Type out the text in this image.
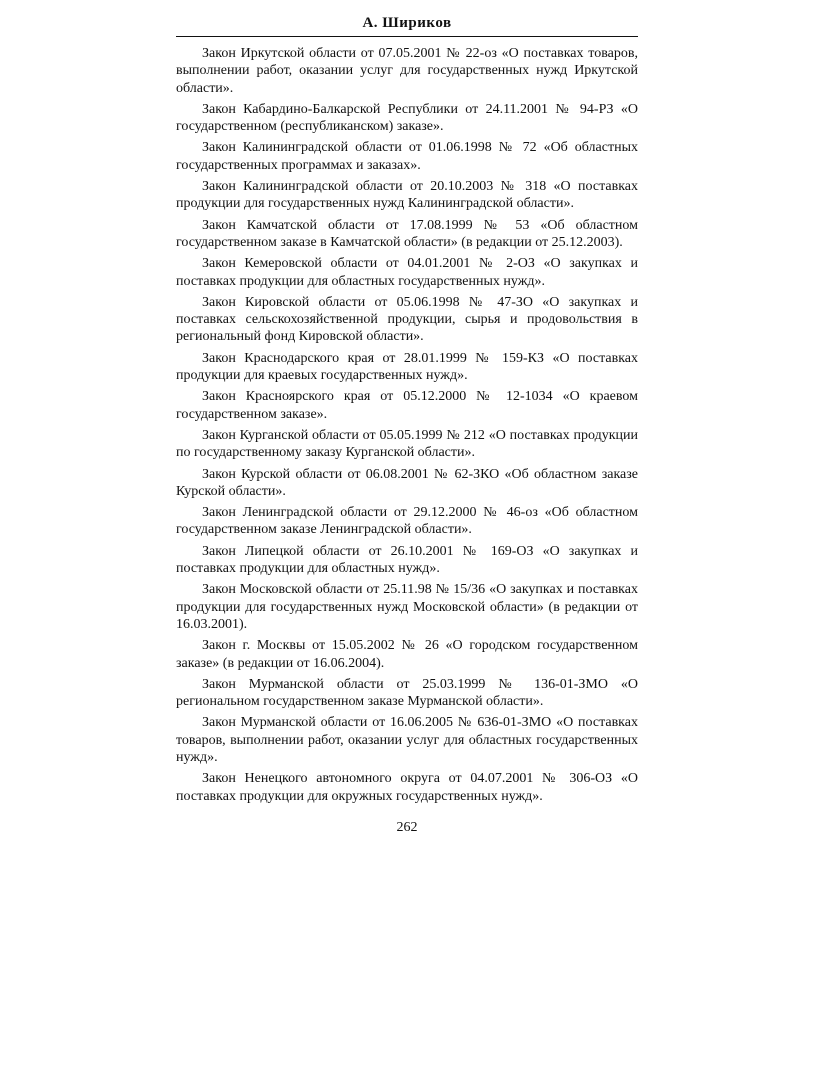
А. Шириков

Закон Иркутской области от 07.05.2001 № 22-оз «О поставках товаров, выполнении работ, оказании услуг для государственных нужд Иркутской области».

Закон Кабардино-Балкарской Республики от 24.11.2001 № 94-РЗ «О государственном (республиканском) заказе».

Закон Калининградской области от 01.06.1998 № 72 «Об областных государственных программах и заказах».

Закон Калининградской области от 20.10.2003 № 318 «О поставках продукции для государственных нужд Калининградской области».

Закон Камчатской области от 17.08.1999 № 53 «Об областном государственном заказе в Камчатской области» (в редакции от 25.12.2003).

Закон Кемеровской области от 04.01.2001 № 2-ОЗ «О закупках и поставках продукции для областных государственных нужд».

Закон Кировской области от 05.06.1998 № 47-ЗО «О закупках и поставках сельскохозяйственной продукции, сырья и продовольствия в региональный фонд Кировской области».

Закон Краснодарского края от 28.01.1999 № 159-КЗ «О поставках продукции для краевых государственных нужд».

Закон Красноярского края от 05.12.2000 № 12-1034 «О краевом государственном заказе».

Закон Курганской области от 05.05.1999 № 212 «О поставках продукции по государственному заказу Курганской области».

Закон Курской области от 06.08.2001 № 62-ЗКО «Об областном заказе Курской области».

Закон Ленинградской области от 29.12.2000 № 46-оз «Об областном государственном заказе Ленинградской области».

Закон Липецкой области от 26.10.2001 № 169-ОЗ «О закупках и поставках продукции для областных нужд».

Закон Московской области от 25.11.98 № 15/36 «О закупках и поставках продукции для государственных нужд Московской области» (в редакции от 16.03.2001).

Закон г. Москвы от 15.05.2002 № 26 «О городском государственном заказе» (в редакции от 16.06.2004).

Закон Мурманской области от 25.03.1999 № 136-01-ЗМО «О региональном государственном заказе Мурманской области».

Закон Мурманской области от 16.06.2005 № 636-01-ЗМО «О поставках товаров, выполнении работ, оказании услуг для областных государственных нужд».

Закон Ненецкого автономного округа от 04.07.2001 № 306-ОЗ «О поставках продукции для окружных государственных нужд».

262
